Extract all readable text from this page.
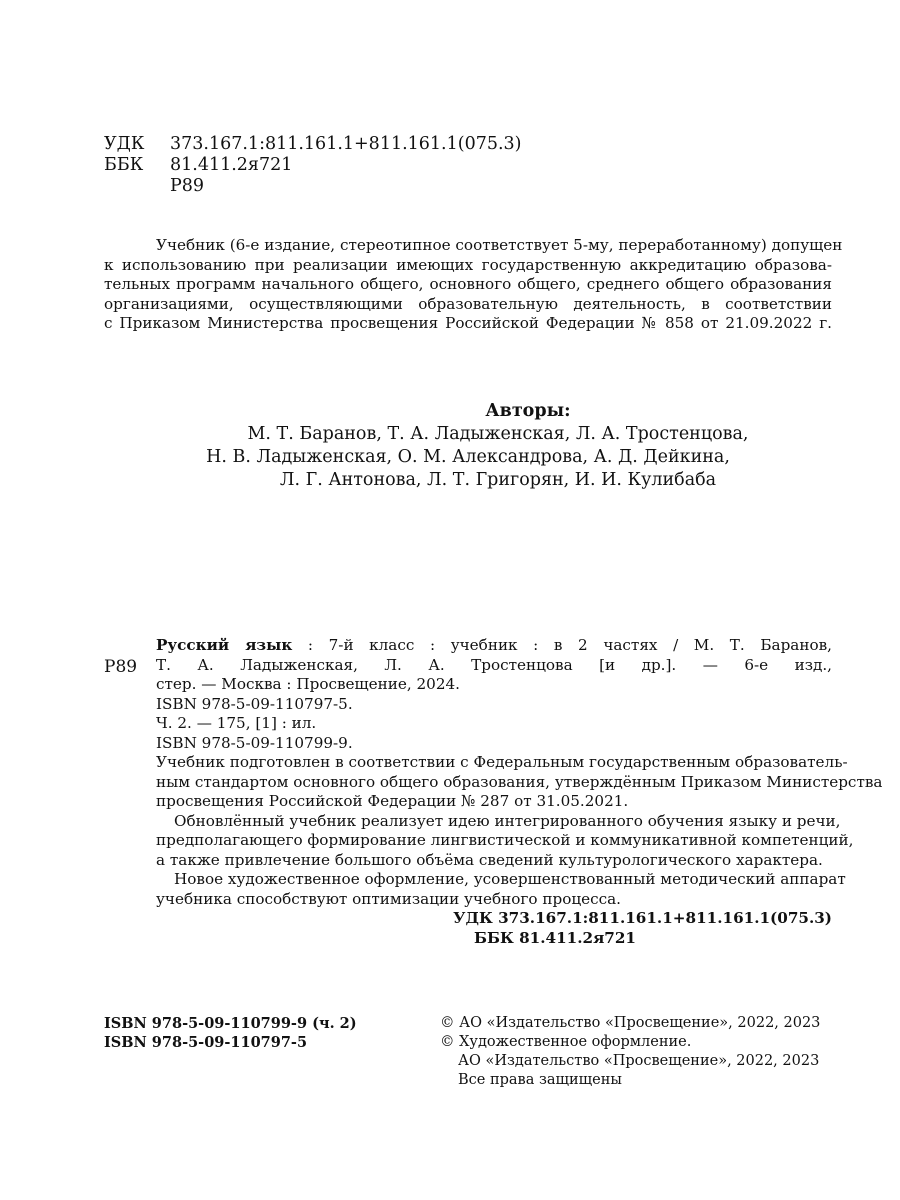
УДК	373.167.1:811.161.1+811.161.1(075.3)
ББК	81.411.2я721
Р89
Учебник (6-е издание, стереотипное соответствует 5-му, переработанному) допущен
к использованию при реализации имеющих государственную аккредитацию образова-
тельных программ начального общего, основного общего, среднего общего образования
организациями, осуществляющими образовательную деятельность, в соответствии
с Приказом Министерства просвещения Российской Федерации № 858 от 21.09.2022 г.
Авторы:
М. Т. Баранов, Т. А. Ладыженская, Л. А. Тростенцова,
Н. В. Ладыженская, О. М. Александрова, А. Д. Дейкина,
Л. Г. Антонова, Л. Т. Григорян, И. И. Кулибаба
Р89
Русский язык : 7-й класс : учебник : в 2 частях / М. Т. Баранов,
Т. А. Ладыженская, Л. А. Тростенцова [и др.]. — 6-е изд.,
стер. — Москва : Просвещение, 2024.
ISBN 978-5-09-110797-5.
Ч. 2. — 175, [1] : ил.
ISBN 978-5-09-110799-9.
Учебник подготовлен в соответствии с Федеральным государственным образователь-
ным стандартом основного общего образования, утверждённым Приказом Министерства
просвещения Российской Федерации № 287 от 31.05.2021.
Обновлённый учебник реализует идею интегрированного обучения языку и речи,
предполагающего формирование лингвистической и коммуникативной компетенций,
а также привлечение большого объёма сведений культурологического характера.
Новое художественное оформление, усовершенствованный методический аппарат
учебника способствуют оптимизации учебного процесса.
УДК 373.167.1:811.161.1+811.161.1(075.3)
ББК 81.411.2я721
ISBN 978-5-09-110799-9 (ч. 2)
ISBN 978-5-09-110797-5
© АО «Издательство «Просвещение», 2022, 2023
© Художественное оформление.
АО «Издательство «Просвещение», 2022, 2023
Все права защищены
